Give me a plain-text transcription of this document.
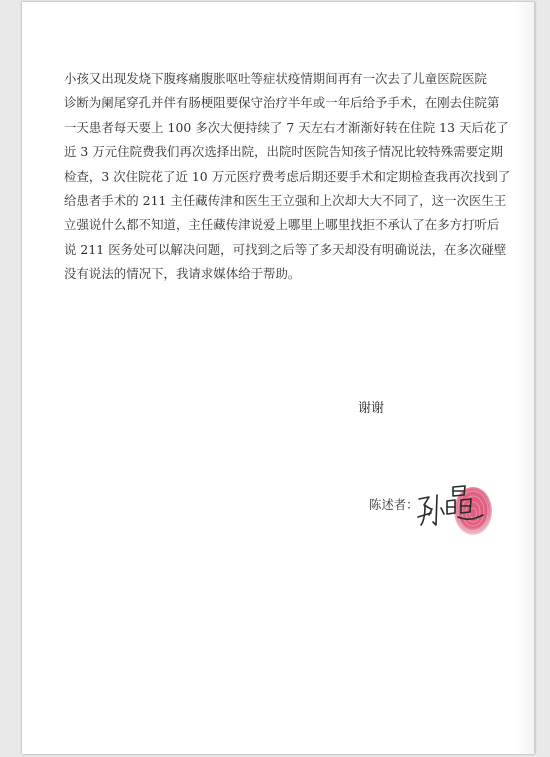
小孩又出现发烧下腹疼痛腹胀呕吐等症状疫情期间再有一次去了儿童医院医院
诊断为阑尾穿孔并伴有肠梗阻要保守治疗半年或一年后给予手术，在刚去住院第
一天患者每天要上 100 多次大便持续了 7 天左右才渐渐好转在住院 13 天后花了
近 3 万元住院费我们再次选择出院，出院时医院告知孩子情况比较特殊需要定期
检查，3 次住院花了近 10 万元医疗费考虑后期还要手术和定期检查我再次找到了
给患者手术的 211 主任藏传津和医生王立强和上次却大大不同了，这一次医生王
立强说什么都不知道，主任藏传津说爱上哪里上哪里找拒不承认了在多方打听后
说 211 医务处可以解决问题，可找到之后等了多天却没有明确说法，在多次碰壁
没有说法的情况下，我请求媒体给于帮助。
谢谢
陈述者：
